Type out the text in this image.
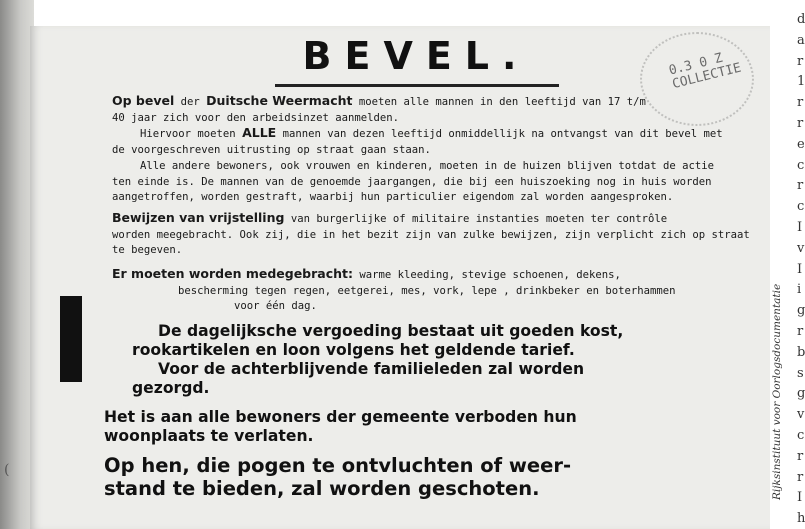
(
0.3 0 Z
COLLECTIE
BEVEL.

Op bevel der Duitsche Weermacht moeten alle mannen in den leeftijd van 17 t/m
40 jaar zich voor den arbeidsinzet aanmelden.

Hiervoor moeten ALLE mannen van dezen leeftijd onmiddellijk na ontvangst van dit bevel met
de voorgeschreven uitrusting op straat gaan staan.

Alle andere bewoners, ook vrouwen en kinderen, moeten in de huizen blijven totdat de actie
ten einde is. De mannen van de genoemde jaargangen, die bij een huiszoeking nog in huis worden
aangetroffen, worden gestraft, waarbij hun particulier eigendom zal worden aangesproken.

Bewijzen van vrijstelling van burgerlijke of militaire instanties moeten ter contrôle
worden meegebracht. Ook zij, die in het bezit zijn van zulke bewijzen, zijn verplicht zich op straat
te begeven.

Er moeten worden medegebracht: warme kleeding, stevige schoenen, dekens,
bescherming tegen regen, eetgerei, mes, vork, lepe , drinkbeker en boterhammen
voor één dag.

De dagelijksche vergoeding bestaat uit goeden kost,
rookartikelen en loon volgens het geldende tarief.
Voor de achterblijvende familieleden zal worden
gezorgd.

Het is aan alle bewoners der gemeente verboden hun
woonplaats te verlaten.

Op hen, die pogen te ontvluchten of weer-
stand te bieden, zal worden geschoten.	Rijksinstituut voor Oorlogsdocumentatie
d
a
r
1
r
r
e
c
r
c
I
v
I
i
g
r
b
s
g
v
c
r
r
I
h
